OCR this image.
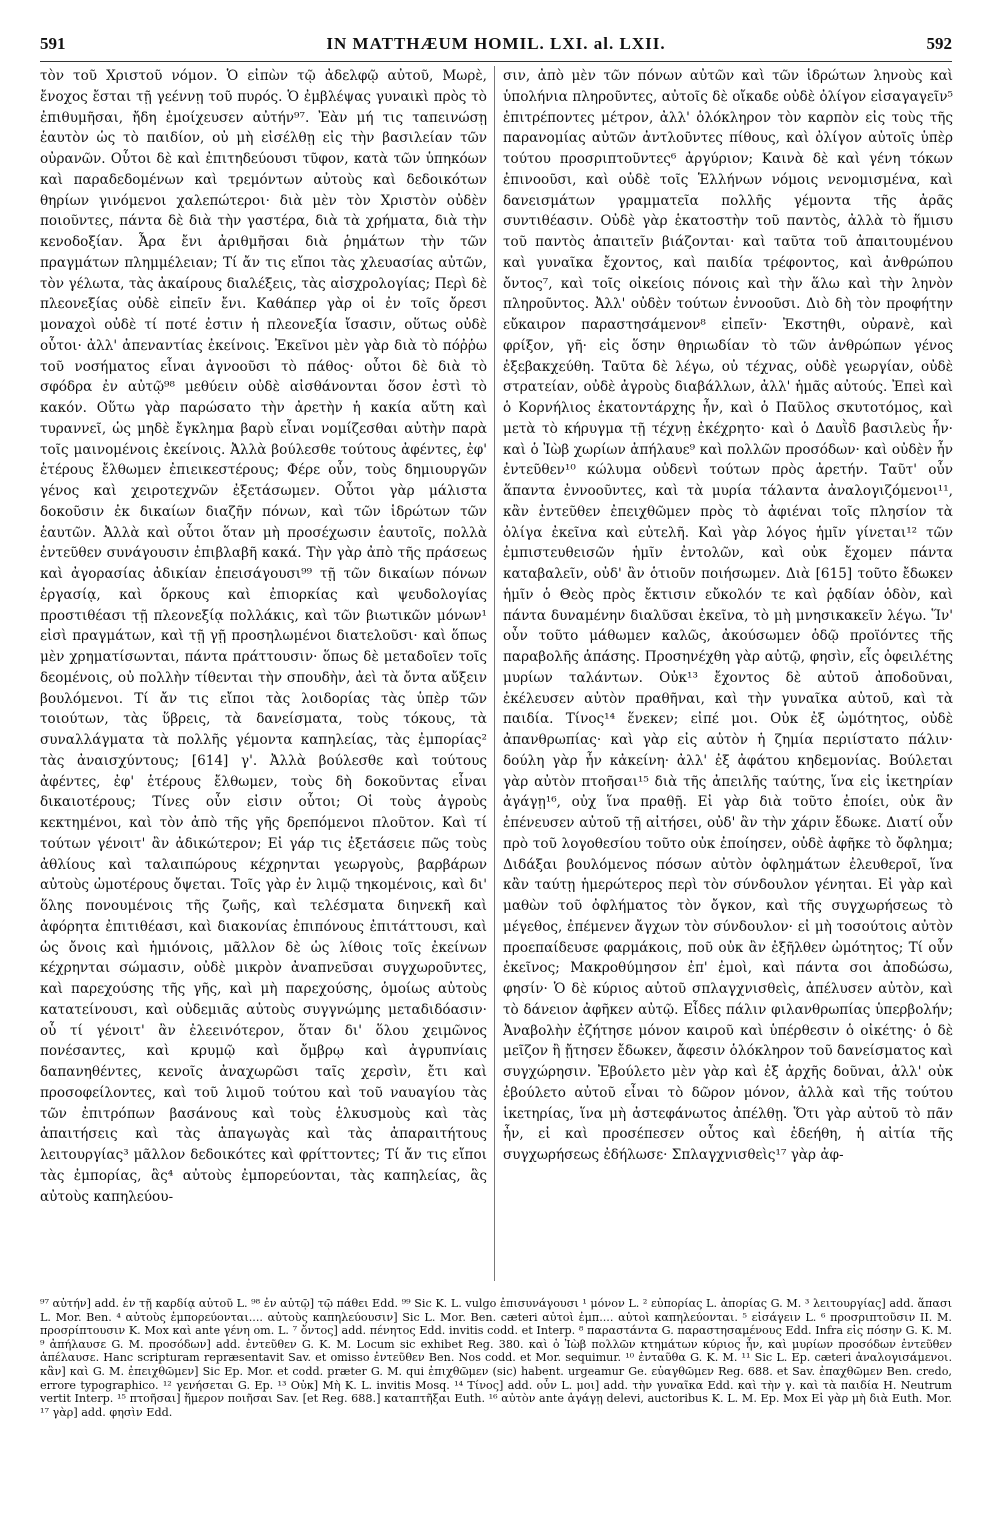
591	IN MATTHÆUM HOMIL. LXI. al. LXII.	592

τὸν τοῦ Χριστοῦ νόμον. Ὁ εἰπὼν τῷ ἀδελφῷ αὐτοῦ, Μωρὲ, ἔνοχος ἔσται τῇ γεέννῃ τοῦ πυρός. Ὁ ἐμβλέψας γυναικὶ πρὸς τὸ ἐπιθυμῆσαι, ἤδη ἐμοίχευσεν αὐτήν⁹⁷. Ἐὰν μή τις ταπεινώσῃ ἑαυτὸν ὡς τὸ παιδίον, οὐ μὴ εἰσέλθῃ εἰς τὴν βασιλείαν τῶν οὐρανῶν. Οὗτοι δὲ καὶ ἐπιτηδεύουσι τῦφον, κατὰ τῶν ὑπηκόων καὶ παραδεδομένων καὶ τρεμόντων αὐτοὺς καὶ δεδοικότων θηρίων γινόμενοι χαλεπώτεροι· διὰ μὲν τὸν Χριστὸν οὐδὲν ποιοῦντες, πάντα δὲ διὰ τὴν γαστέρα, διὰ τὰ χρήματα, διὰ τὴν κενοδοξίαν. Ἆρα ἔνι ἀριθμῆσαι διὰ ῥημάτων τὴν τῶν πραγμάτων πλημμέλειαν; Τί ἄν τις εἴποι τὰς χλευασίας αὐτῶν, τὸν γέλωτα, τὰς ἀκαίρους διαλέξεις, τὰς αἰσχρολογίας; Περὶ δὲ πλεονεξίας οὐδὲ εἰπεῖν ἔνι. Καθάπερ γὰρ οἱ ἐν τοῖς ὄρεσι μοναχοὶ οὐδὲ τί ποτέ ἐστιν ἡ πλεονεξία ἴσασιν, οὕτως οὐδὲ οὗτοι· ἀλλ' ἀπεναντίας ἐκείνοις. Ἐκεῖνοι μὲν γὰρ διὰ τὸ πόῤῥω τοῦ νοσήματος εἶναι ἀγνοοῦσι τὸ πάθος· οὗτοι δὲ διὰ τὸ σφόδρα ἐν αὐτῷ⁹⁸ μεθύειν οὐδὲ αἰσθάνονται ὅσον ἐστὶ τὸ κακόν. Οὕτω γὰρ παρώσατο τὴν ἀρετὴν ἡ κακία αὕτη καὶ τυραννεῖ, ὡς μηδὲ ἔγκλημα βαρὺ εἶναι νομίζεσθαι αὐτὴν παρὰ τοῖς μαινομένοις ἐκείνοις. Ἀλλὰ βούλεσθε τούτους ἀφέντες, ἐφ' ἑτέρους ἔλθωμεν ἐπιεικεστέρους; Φέρε οὖν, τοὺς δημιουργῶν γένος καὶ χειροτεχνῶν ἐξετάσωμεν. Οὗτοι γὰρ μάλιστα δοκοῦσιν ἐκ δικαίων διαζῆν πόνων, καὶ τῶν ἱδρώτων τῶν ἑαυτῶν. Ἀλλὰ καὶ οὗτοι ὅταν μὴ προσέχωσιν ἑαυτοῖς, πολλὰ ἐντεῦθεν συνάγουσιν ἐπιβλαβῆ κακά. Τὴν γὰρ ἀπὸ τῆς πράσεως καὶ ἀγορασίας ἀδικίαν ἐπεισάγουσι⁹⁹ τῇ τῶν δικαίων πόνων ἐργασίᾳ, καὶ ὅρκους καὶ ἐπιορκίας καὶ ψευδολογίας προστιθέασι τῇ πλεονεξίᾳ πολλάκις, καὶ τῶν βιωτικῶν μόνων¹ εἰσὶ πραγμάτων, καὶ τῇ γῇ προσηλωμένοι διατελοῦσι· καὶ ὅπως μὲν χρηματίσωνται, πάντα πράττουσιν· ὅπως δὲ μεταδοῖεν τοῖς δεομένοις, οὐ πολλὴν τίθενται τὴν σπουδὴν, ἀεὶ τὰ ὄντα αὔξειν βουλόμενοι. Τί ἄν τις εἴποι τὰς λοιδορίας τὰς ὑπὲρ τῶν τοιούτων, τὰς ὕβρεις, τὰ δανείσματα, τοὺς τόκους, τὰ συναλλάγματα τὰ πολλῆς γέμοντα καπηλείας, τὰς ἐμπορίας² τὰς ἀναισχύντους; [614] γ'. Ἀλλὰ βούλεσθε καὶ τούτους ἀφέντες, ἐφ' ἑτέρους ἔλθωμεν, τοὺς δὴ δοκοῦντας εἶναι δικαιοτέρους; Τίνες οὖν εἰσιν οὗτοι; Οἱ τοὺς ἀγροὺς κεκτημένοι, καὶ τὸν ἀπὸ τῆς γῆς δρεπόμενοι πλοῦτον. Καὶ τί τούτων γένοιτ' ἂν ἀδικώτερον; Εἰ γάρ τις ἐξετάσειε πῶς τοὺς ἀθλίους καὶ ταλαιπώρους κέχρηνται γεωργοὺς, βαρβάρων αὐτοὺς ὠμοτέρους ὄψεται. Τοῖς γὰρ ἐν λιμῷ τηκομένοις, καὶ δι' ὅλης πονουμένοις τῆς ζωῆς, καὶ τελέσματα διηνεκῆ καὶ ἀφόρητα ἐπιτιθέασι, καὶ διακονίας ἐπιπόνους ἐπιτάττουσι, καὶ ὡς ὄνοις καὶ ἡμιόνοις, μᾶλλον δὲ ὡς λίθοις τοῖς ἐκείνων κέχρηνται σώμασιν, οὐδὲ μικρὸν ἀναπνεῦσαι συγχωροῦντες, καὶ παρεχούσης τῆς γῆς, καὶ μὴ παρεχούσης, ὁμοίως αὐτοὺς κατατείνουσι, καὶ οὐδεμιᾶς αὐτοὺς συγγνώμης μεταδιδόασιν· οὗ τί γένοιτ' ἂν ἐλεεινότερον, ὅταν δι' ὅλου χειμῶνος πονέσαντες, καὶ κρυμῷ καὶ ὄμβρῳ καὶ ἀγρυπνίαις δαπανηθέντες, κενοῖς ἀναχωρῶσι ταῖς χερσὶν, ἔτι καὶ προσοφείλοντες, καὶ τοῦ λιμοῦ τούτου καὶ τοῦ ναυαγίου τὰς τῶν ἐπιτρόπων βασάνους καὶ τοὺς ἑλκυσμοὺς καὶ τὰς ἀπαιτήσεις καὶ τὰς ἀπαγωγὰς καὶ τὰς ἀπαραιτήτους λειτουργίας³ μᾶλλον δεδοικότες καὶ φρίττοντες; Τί ἄν τις εἴποι τὰς ἐμπορίας, ἃς⁴ αὐτοὺς ἐμπορεύονται, τὰς καπηλείας, ἃς αὐτοὺς καπηλεύου-

σιν, ἀπὸ μὲν τῶν πόνων αὐτῶν καὶ τῶν ἱδρώτων ληνοὺς καὶ ὑπολήνια πληροῦντες, αὐτοῖς δὲ οἴκαδε οὐδὲ ὀλίγον εἰσαγαγεῖν⁵ ἐπιτρέποντες μέτρον, ἀλλ' ὁλόκληρον τὸν καρπὸν εἰς τοὺς τῆς παρανομίας αὐτῶν ἀντλοῦντες πίθους, καὶ ὀλίγον αὐτοῖς ὑπὲρ τούτου προσριπτοῦντες⁶ ἀργύριον; Καινὰ δὲ καὶ γένη τόκων ἐπινοοῦσι, καὶ οὐδὲ τοῖς Ἑλλήνων νόμοις νενομισμένα, καὶ δανεισμάτων γραμματεῖα πολλῆς γέμοντα τῆς ἀρᾶς συντιθέασιν. Οὐδὲ γὰρ ἑκατοστὴν τοῦ παντὸς, ἀλλὰ τὸ ἥμισυ τοῦ παντὸς ἀπαιτεῖν βιάζονται· καὶ ταῦτα τοῦ ἀπαιτουμένου καὶ γυναῖκα ἔχοντος, καὶ παιδία τρέφοντος, καὶ ἀνθρώπου ὄντος⁷, καὶ τοῖς οἰκείοις πόνοις καὶ τὴν ἅλω καὶ τὴν ληνὸν πληροῦντος. Ἀλλ' οὐδὲν τούτων ἐννοοῦσι. Διὸ δὴ τὸν προφήτην εὔκαιρον παραστησάμενον⁸ εἰπεῖν· Ἐκστηθι, οὐρανὲ, καὶ φρίξον, γῆ· εἰς ὅσην θηριωδίαν τὸ τῶν ἀνθρώπων γένος ἐξεβακχεύθη. Ταῦτα δὲ λέγω, οὐ τέχνας, οὐδὲ γεωργίαν, οὐδὲ στρατείαν, οὐδὲ ἀγροὺς διαβάλλων, ἀλλ' ἡμᾶς αὐτούς. Ἐπεὶ καὶ ὁ Κορνήλιος ἑκατοντάρχης ἦν, καὶ ὁ Παῦλος σκυτοτόμος, καὶ μετὰ τὸ κήρυγμα τῇ τέχνῃ ἐκέχρητο· καὶ ὁ Δαυῒδ βασιλεὺς ἦν· καὶ ὁ Ἰὼβ χωρίων ἀπήλαυε⁹ καὶ πολλῶν προσόδων· καὶ οὐδὲν ἦν ἐντεῦθεν¹⁰ κώλυμα οὐδενὶ τούτων πρὸς ἀρετήν. Ταῦτ' οὖν ἅπαντα ἐννοοῦντες, καὶ τὰ μυρία τάλαντα ἀναλογιζόμενοι¹¹, κἂν ἐντεῦθεν ἐπειχθῶμεν πρὸς τὸ ἀφιέναι τοῖς πλησίον τὰ ὀλίγα ἐκεῖνα καὶ εὐτελῆ. Καὶ γὰρ λόγος ἡμῖν γίνεται¹² τῶν ἐμπιστευθεισῶν ἡμῖν ἐντολῶν, καὶ οὐκ ἔχομεν πάντα καταβαλεῖν, οὐδ' ἂν ὁτιοῦν ποιήσωμεν. Διὰ [615] τοῦτο ἔδωκεν ἡμῖν ὁ Θεὸς πρὸς ἔκτισιν εὔκολόν τε καὶ ῥᾳδίαν ὁδὸν, καὶ πάντα δυναμένην διαλῦσαι ἐκεῖνα, τὸ μὴ μνησικακεῖν λέγω. Ἵν' οὖν τοῦτο μάθωμεν καλῶς, ἀκούσωμεν ὁδῷ προϊόντες τῆς παραβολῆς ἁπάσης. Προσηνέχθη γὰρ αὐτῷ, φησὶν, εἷς ὀφειλέτης μυρίων ταλάντων. Οὐκ¹³ ἔχοντος δὲ αὐτοῦ ἀποδοῦναι, ἐκέλευσεν αὐτὸν πραθῆναι, καὶ τὴν γυναῖκα αὐτοῦ, καὶ τὰ παιδία. Τίνος¹⁴ ἕνεκεν; εἰπέ μοι. Οὐκ ἐξ ὠμότητος, οὐδὲ ἀπανθρωπίας· καὶ γὰρ εἰς αὐτὸν ἡ ζημία περιίστατο πάλιν· δούλη γὰρ ἦν κἀκείνη· ἀλλ' ἐξ ἀφάτου κηδεμονίας. Βούλεται γὰρ αὐτὸν πτοῆσαι¹⁵ διὰ τῆς ἀπειλῆς ταύτης, ἵνα εἰς ἱκετηρίαν ἀγάγῃ¹⁶, οὐχ ἵνα πραθῇ. Εἰ γὰρ διὰ τοῦτο ἐποίει, οὐκ ἂν ἐπένευσεν αὐτοῦ τῇ αἰτήσει, οὐδ' ἂν τὴν χάριν ἔδωκε. Διατί οὖν πρὸ τοῦ λογοθεσίου τοῦτο οὐκ ἐποίησεν, οὐδὲ ἀφῆκε τὸ ὄφλημα; Διδάξαι βουλόμενος πόσων αὐτὸν ὀφλημάτων ἐλευθεροῖ, ἵνα κἂν ταύτῃ ἡμερώτερος περὶ τὸν σύνδουλον γένηται. Εἰ γὰρ καὶ μαθὼν τοῦ ὀφλήματος τὸν ὄγκον, καὶ τῆς συγχωρήσεως τὸ μέγεθος, ἐπέμενεν ἄγχων τὸν σύνδουλον· εἰ μὴ τοσούτοις αὐτὸν προεπαίδευσε φαρμάκοις, ποῦ οὐκ ἂν ἐξῆλθεν ὠμότητος; Τί οὖν ἐκεῖνος; Μακροθύμησον ἐπ' ἐμοὶ, καὶ πάντα σοι ἀποδώσω, φησίν· Ὁ δὲ κύριος αὐτοῦ σπλαγχνισθεὶς, ἀπέλυσεν αὐτὸν, καὶ τὸ δάνειον ἀφῆκεν αὐτῷ. Εἶδες πάλιν φιλανθρωπίας ὑπερβολήν; Ἀναβολὴν ἐζήτησε μόνον καιροῦ καὶ ὑπέρθεσιν ὁ οἰκέτης· ὁ δὲ μεῖζον ἢ ᾔτησεν ἔδωκεν, ἄφεσιν ὁλόκληρον τοῦ δανείσματος καὶ συγχώρησιν. Ἐβούλετο μὲν γὰρ καὶ ἐξ ἀρχῆς δοῦναι, ἀλλ' οὐκ ἐβούλετο αὐτοῦ εἶναι τὸ δῶρον μόνον, ἀλλὰ καὶ τῆς τούτου ἱκετηρίας, ἵνα μὴ ἀστεφάνωτος ἀπέλθῃ. Ὅτι γὰρ αὐτοῦ τὸ πᾶν ἦν, εἰ καὶ προσέπεσεν οὗτος καὶ ἐδεήθη, ἡ αἰτία τῆς συγχωρήσεως ἐδήλωσε· Σπλαγχνισθεὶς¹⁷ γὰρ ἀφ-

⁹⁷ αὐτήν] add. ἐν τῇ καρδίᾳ αὐτοῦ L. ⁹⁸ ἐν αὐτῷ] τῷ πάθει Edd. ⁹⁹ Sic K. L. vulgo ἐπισυνάγουσι ¹ μόνον L. ² εὐπορίας L. ἀπορίας G. M. ³ λειτουργίας] add. ἅπασι L. Mor. Ben. ⁴ αὐτοὺς ἐμπορεύονται.... αὐτοὺς καπηλεύουσιν] Sic L. Mor. Ben. cæteri αὐτοὶ ἐμπ.... αὐτοὶ καπηλεύονται. ⁵ εἰσάγειν L. ⁶ προσριπτοῦσιν II. M. προσρίπτουσιν K. Mox καὶ ante γένη om. L. ⁷ ὄντος] add. πένητος Edd. invitis codd. et Interp. ⁸ παραστάντα G. παραστησαμένους Edd. Infra εἰς πόσην G. K. M. ⁹ ἀπήλαυσε G. M. προσόδων] add. ἐντεῦθεν G. K. M. Locum sic exhibet Reg. 380. καὶ ὁ Ἰὼβ πολλῶν κτημάτων κύριος ἦν, καὶ μυρίων προσόδων ἐντεῦθεν ἀπέλαυσε. Hanc scripturam repræsentavit Sav. et omisso ἐντεῦθεν Ben. Nos codd. et Mor. sequimur. ¹⁰ ἐνταῦθα G. K. M. ¹¹ Sic L. Ep. cæteri ἀναλογισάμενοι. κἂν] καὶ G. M. ἐπειχθῶμεν] Sic Ep. Mor. et codd. præter G. M. qui ἐπιχθῶμεν (sic) habent. urgeamur Ge. εὐαγθῶμεν Reg. 688. et Sav. ἐπαχθῶμεν Ben. credo, errore typographico. ¹² γενήσεται G. Ep. ¹³ Οὐκ] Μὴ K. L. invitis Mosq. ¹⁴ Τίνος] add. οὖν L. μοι] add. τὴν γυναῖκα Edd. καὶ τὴν γ. καὶ τὰ παιδία H. Neutrum vertit Interp. ¹⁵ πτοῆσαι] ἥμερον ποιῆσαι Sav. [et Reg. 688.] καταπτῆξαι Euth. ¹⁶ αὐτὸν ante ἀγάγῃ delevi, auctoribus K. L. M. Ep. Mox Εἰ γὰρ μὴ διὰ Euth. Mor. ¹⁷ γὰρ] add. φησὶν Edd.
